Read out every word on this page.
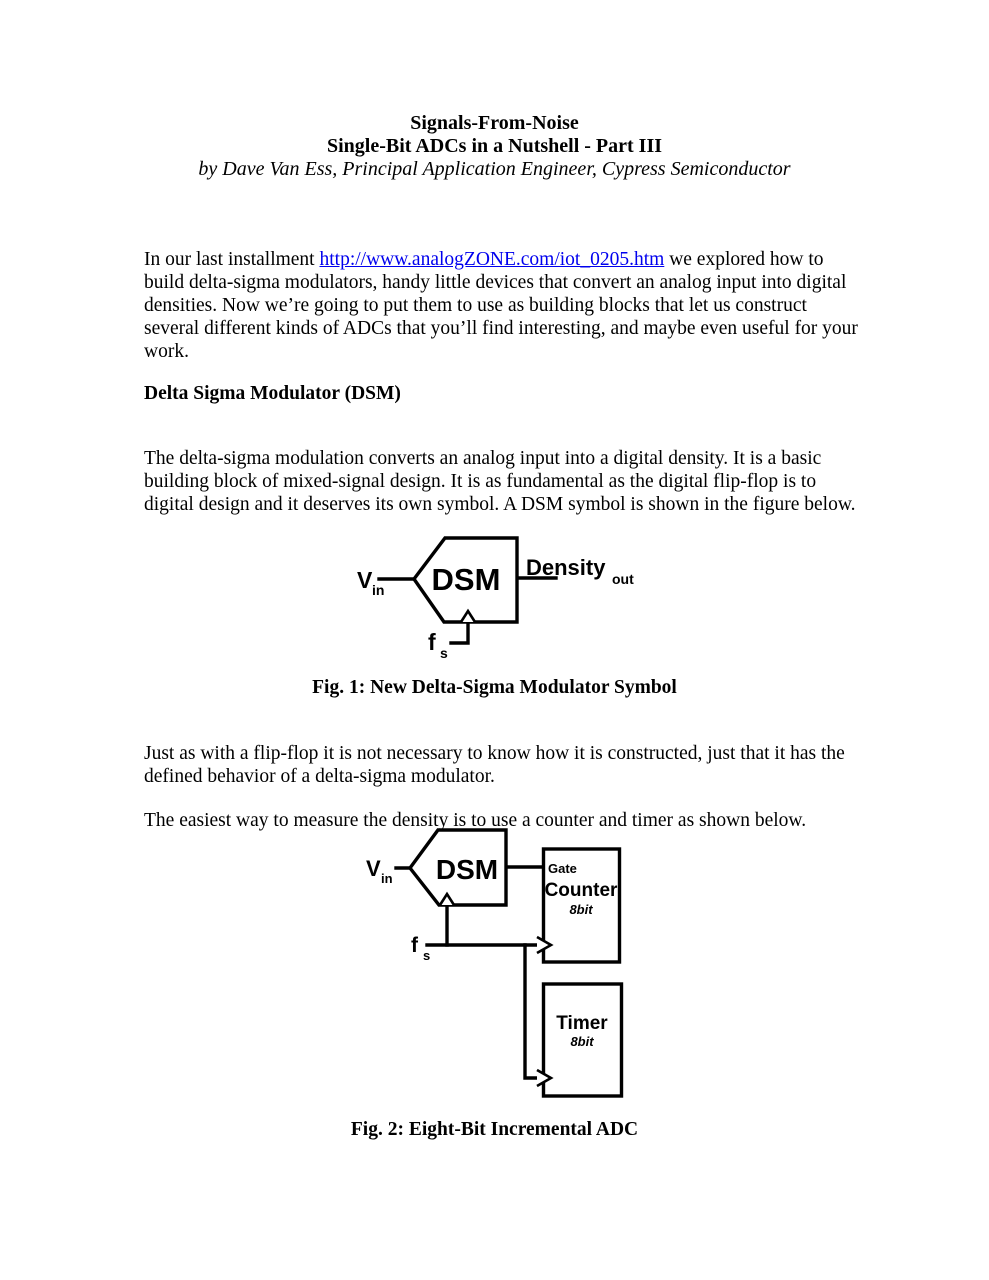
Signals-From-Noise
Single-Bit ADCs in a Nutshell - Part III
by Dave Van Ess, Principal Application Engineer, Cypress Semiconductor

In our last installment http://www.analogZONE.com/iot_0205.htm we explored how to build delta-sigma modulators, handy little devices that convert an analog input into digital densities. Now we’re going to put them to use as building blocks that let us construct several different kinds of ADCs that you’ll find interesting, and maybe even useful for your work.

Delta Sigma Modulator (DSM)

The delta-sigma modulation converts an analog input into a digital density. It is a basic building block of mixed-signal design. It is as fundamental as the digital flip-flop is to digital design and it deserves its own symbol. A DSM symbol is shown in the figure below.

V in DSM Density out
f s
Fig. 1: New Delta-Sigma Modulator Symbol

Just as with a flip-flop it is not necessary to know how it is constructed, just that it has the defined behavior of a delta-sigma modulator.

The easiest way to measure the density is to use a counter and timer as shown below.

V in DSM
f s
Gate
Counter
8bit
Timer
8bit
Fig. 2: Eight-Bit Incremental ADC
